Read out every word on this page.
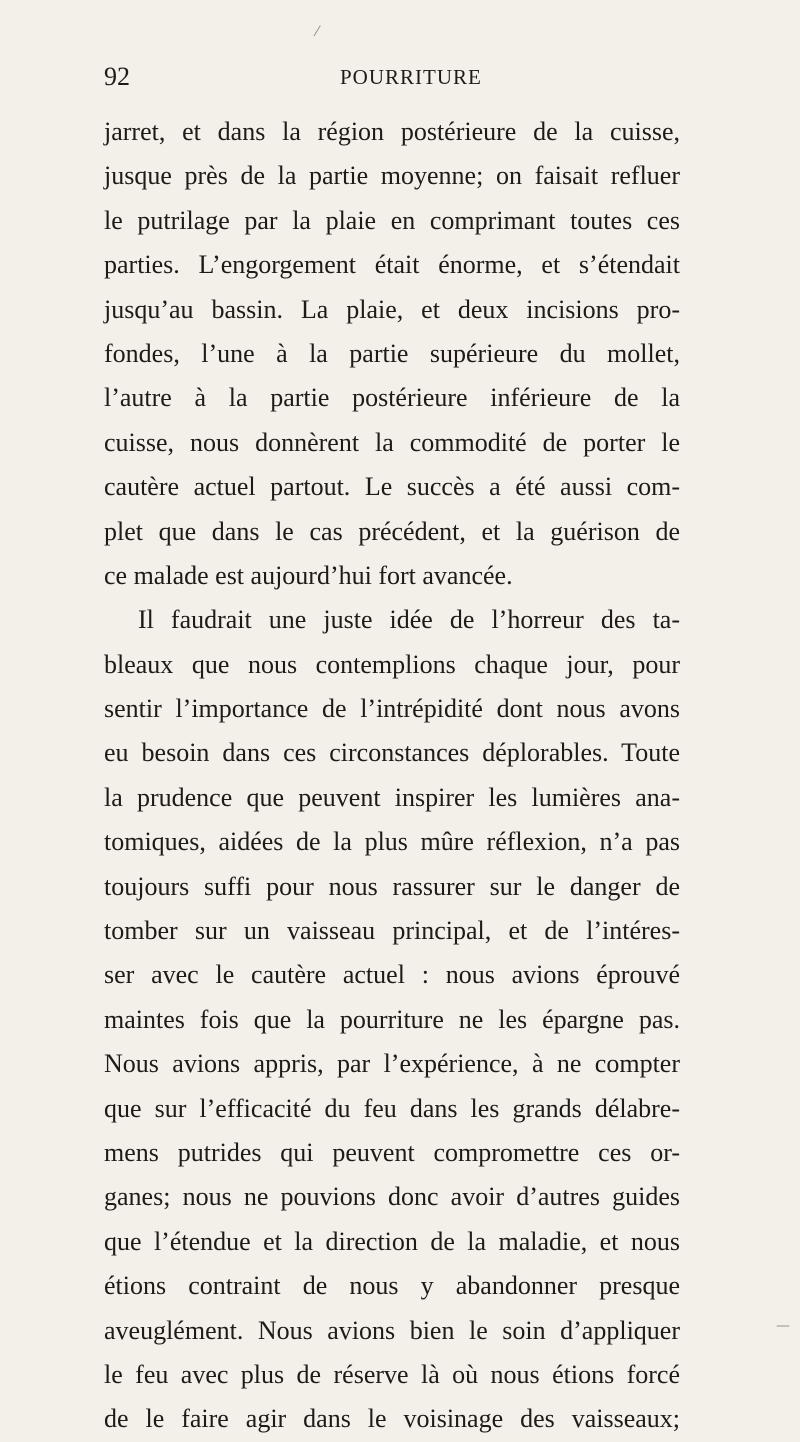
⁄
92	POURRITURE
jarret, et dans la région postérieure de la cuisse,
jusque près de la partie moyenne; on faisait refluer
le putrilage par la plaie en comprimant toutes ces
parties. L’engorgement était énorme, et s’étendait
jusqu’au bassin. La plaie, et deux incisions pro-
fondes, l’une à la partie supérieure du mollet,
l’autre à la partie postérieure inférieure de la
cuisse, nous donnèrent la commodité de porter le
cautère actuel partout. Le succès a été aussi com-
plet que dans le cas précédent, et la guérison de
ce malade est aujourd’hui fort avancée.
Il faudrait une juste idée de l’horreur des ta-
bleaux que nous contemplions chaque jour, pour
sentir l’importance de l’intrépidité dont nous avons
eu besoin dans ces circonstances déplorables. Toute
la prudence que peuvent inspirer les lumières ana-
tomiques, aidées de la plus mûre réflexion, n’a pas
toujours suffi pour nous rassurer sur le danger de
tomber sur un vaisseau principal, et de l’intéres-
ser avec le cautère actuel : nous avions éprouvé
maintes fois que la pourriture ne les épargne pas.
Nous avions appris, par l’expérience, à ne compter
que sur l’efficacité du feu dans les grands délabre-
mens putrides qui peuvent compromettre ces or-
ganes; nous ne pouvions donc avoir d’autres guides
que l’étendue et la direction de la maladie, et nous
étions contraint de nous y abandonner presque
aveuglément. Nous avions bien le soin d’appliquer
le feu avec plus de réserve là où nous étions forcé
de le faire agir dans le voisinage des vaisseaux;
—
